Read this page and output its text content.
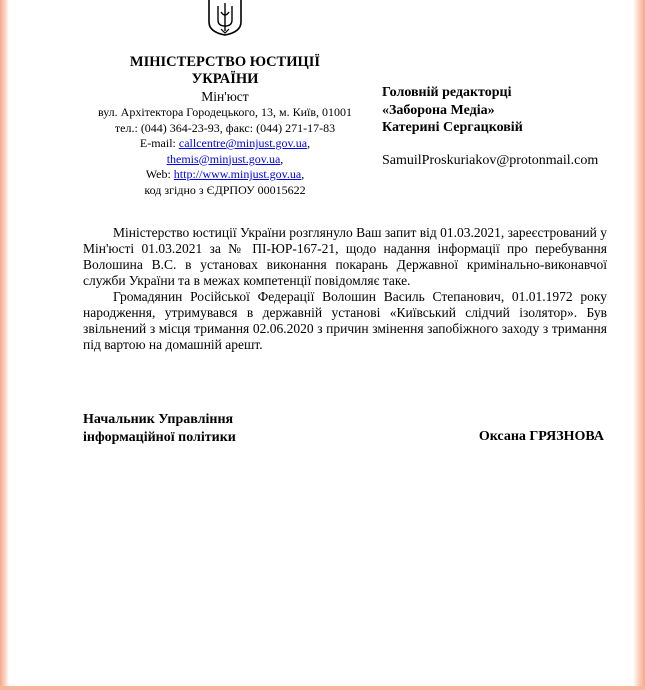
МІНІСТЕРСТВО ЮСТИЦІЇ
УКРАЇНИ
Мін'юст
вул. Архітектора Городецького, 13, м. Київ, 01001
тел.: (044) 364-23-93, факс: (044) 271-17-83
E-mail: callcentre@minjust.gov.ua,
themis@minjust.gov.ua,
Web: http://www.minjust.gov.ua,
код згідно з ЄДРПОУ 00015622
Головній редакторці
«Заборона Медіа»
Катерині Сергацковій
SamuilProskuriakov@protonmail.com

Міністерство юстиції України розглянуло Ваш запит від 01.03.2021, зареєстрований у Мін'юсті 01.03.2021 за № ПІ-ЮР-167-21, щодо надання інформації про перебування Волошина В.С. в установах виконання покарань Державної кримінально-виконавчої служби України та в межах компетенції повідомляє таке.

Громадянин Російської Федерації Волошин Василь Степанович, 01.01.1972 року народження, утримувався в державній установі «Київський слідчий ізолятор». Був звільнений з місця тримання 02.06.2020 з причин змінення запобіжного заходу з тримання під вартою на домашній арешт.

Начальник Управління
інформаційної політики	Оксана ГРЯЗНОВА
